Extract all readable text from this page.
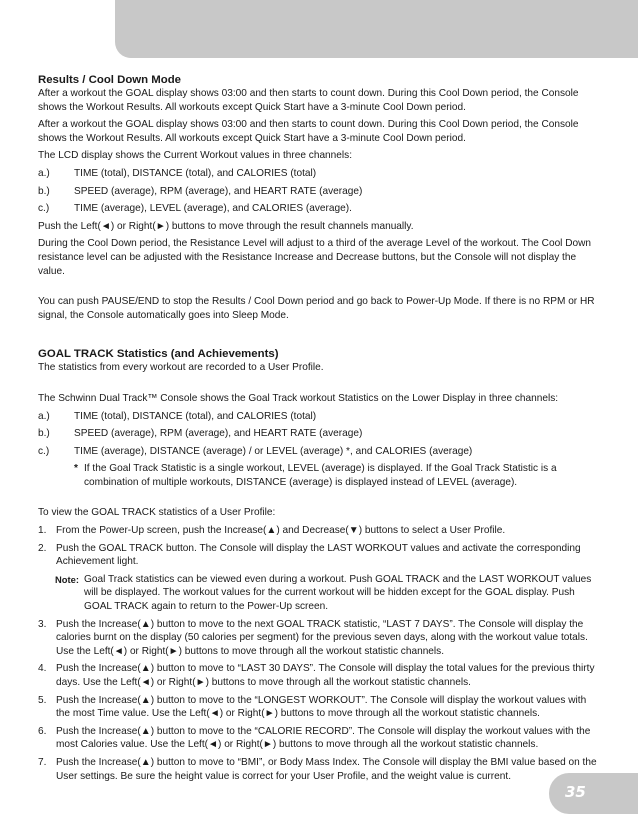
Results / Cool Down Mode

After a workout the GOAL display shows 03:00 and then starts to count down. During this Cool Down period, the Console shows the Workout Results. All workouts except Quick Start have a 3-minute Cool Down period.

After a workout the GOAL display shows 03:00 and then starts to count down. During this Cool Down period, the Console shows the Workout Results. All workouts except Quick Start have a 3-minute Cool Down period.

The LCD display shows the Current Workout values in three channels:

a.)	TIME (total), DISTANCE (total), and CALORIES (total)
b.)	SPEED (average), RPM (average), and HEART RATE (average)
c.)	TIME (average), LEVEL (average), and CALORIES (average).

Push the Left(◄) or Right(►) buttons to move through the result channels manually.

During the Cool Down period, the Resistance Level will adjust to a third of the average Level of the workout. The Cool Down resistance level can be adjusted with the Resistance Increase and Decrease buttons, but the Console will not display the value.

You can push PAUSE/END to stop the Results / Cool Down period and go back to Power-Up Mode. If there is no RPM or HR signal, the Console automatically goes into Sleep Mode.

GOAL TRACK Statistics (and Achievements)

The statistics from every workout are recorded to a User Profile.

The Schwinn Dual Track™ Console shows the Goal Track workout Statistics on the Lower Display in three channels:

a.)	TIME (total), DISTANCE (total), and CALORIES (total)
b.)	SPEED (average), RPM (average), and HEART RATE (average)
c.)	TIME (average), DISTANCE (average) / or LEVEL (average) *, and CALORIES (average)
* If the Goal Track Statistic is a single workout, LEVEL (average) is displayed. If the Goal Track Statistic is a combination of multiple workouts, DISTANCE (average) is displayed instead of LEVEL (average).

To view the GOAL TRACK statistics of a User Profile:

1. From the Power-Up screen, push the Increase(▲) and Decrease(▼) buttons to select a User Profile.
2. Push the GOAL TRACK button. The Console will display the LAST WORKOUT values and activate the corresponding Achievement light.
Note: Goal Track statistics can be viewed even during a workout. Push GOAL TRACK and the LAST WORKOUT values will be displayed. The workout values for the current workout will be hidden except for the GOAL display. Push GOAL TRACK again to return to the Power-Up screen.
3. Push the Increase(▲) button to move to the next GOAL TRACK statistic, “LAST 7 DAYS”. The Console will display the calories burnt on the display (50 calories per segment) for the previous seven days, along with the workout value totals. Use the Left(◄) or Right(►) buttons to move through all the workout statistic channels.
4. Push the Increase(▲) button to move to “LAST 30 DAYS”. The Console will display the total values for the previous thirty days. Use the Left(◄) or Right(►) buttons to move through all the workout statistic channels.
5. Push the Increase(▲) button to move to the “LONGEST WORKOUT”. The Console will display the workout values with the most Time value. Use the Left(◄) or Right(►) buttons to move through all the workout statistic channels.
6. Push the Increase(▲) button to move to the “CALORIE RECORD”. The Console will display the workout values with the most Calories value. Use the Left(◄) or Right(►) buttons to move through all the workout statistic channels.
7. Push the Increase(▲) button to move to “BMI”, or Body Mass Index. The Console will display the BMI value based on the User settings. Be sure the height value is correct for your User Profile, and the weight value is current.
35
